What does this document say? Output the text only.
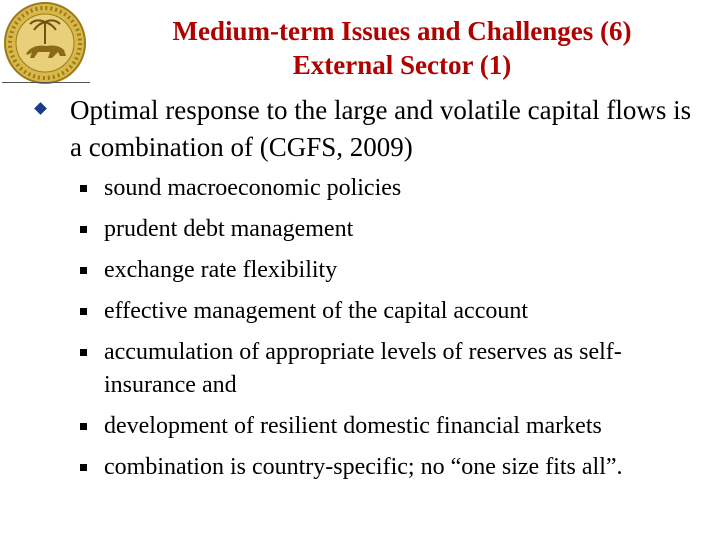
Medium-term Issues and Challenges (6)
External Sector (1)
Optimal response to the large and volatile capital flows is a combination of (CGFS, 2009)
sound macroeconomic policies
prudent debt management
exchange rate flexibility
effective management of the capital account
accumulation of appropriate levels of reserves as self-insurance and
development of resilient domestic financial markets
combination is country-specific; no “one size fits all”.
